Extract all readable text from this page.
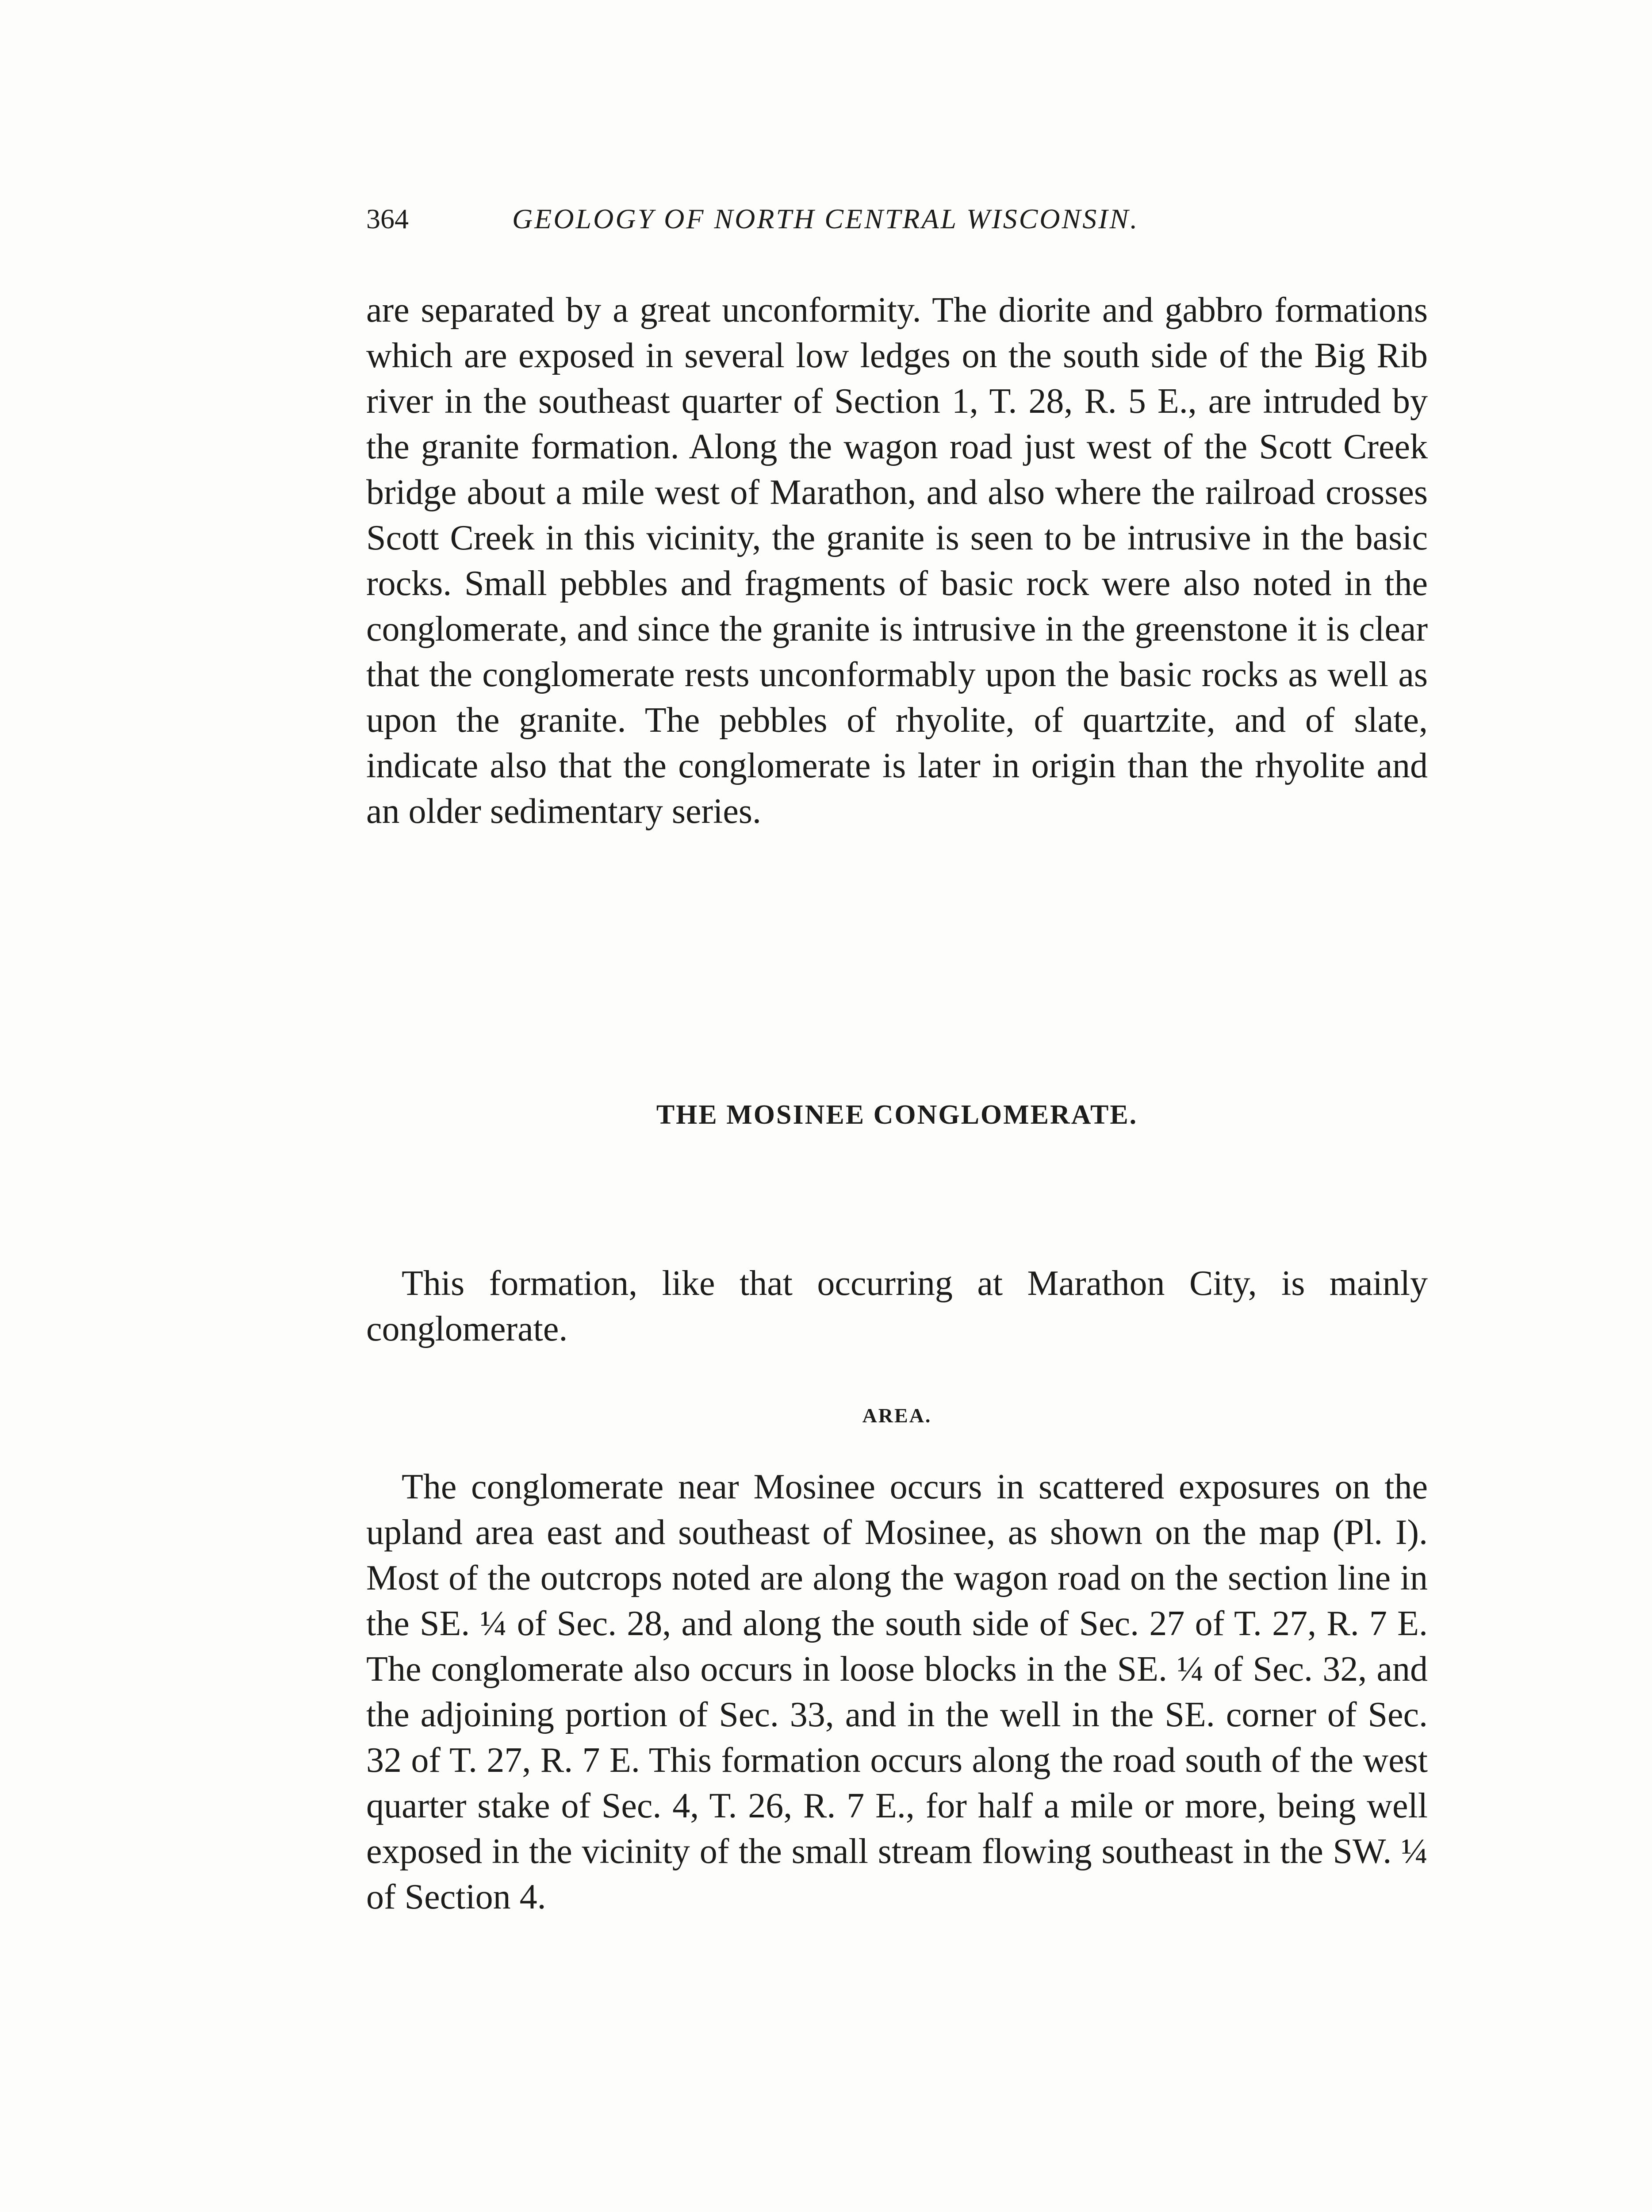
364	GEOLOGY OF NORTH CENTRAL WISCONSIN.

are separated by a great unconformity. The diorite and gabbro formations which are exposed in several low ledges on the south side of the Big Rib river in the southeast quarter of Section 1, T. 28, R. 5 E., are intruded by the granite formation. Along the wagon road just west of the Scott Creek bridge about a mile west of Marathon, and also where the railroad crosses Scott Creek in this vicinity, the granite is seen to be intrusive in the basic rocks. Small pebbles and fragments of basic rock were also noted in the conglomerate, and since the granite is intrusive in the greenstone it is clear that the conglomerate rests unconformably upon the basic rocks as well as upon the granite. The pebbles of rhyolite, of quartzite, and of slate, indicate also that the conglomerate is later in origin than the rhyolite and an older sedimentary series.

THE MOSINEE CONGLOMERATE.

This formation, like that occurring at Marathon City, is mainly conglomerate.

AREA.

The conglomerate near Mosinee occurs in scattered exposures on the upland area east and southeast of Mosinee, as shown on the map (Pl. I). Most of the outcrops noted are along the wagon road on the section line in the SE. ¼ of Sec. 28, and along the south side of Sec. 27 of T. 27, R. 7 E. The conglomerate also occurs in loose blocks in the SE. ¼ of Sec. 32, and the adjoining portion of Sec. 33, and in the well in the SE. corner of Sec. 32 of T. 27, R. 7 E. This formation occurs along the road south of the west quarter stake of Sec. 4, T. 26, R. 7 E., for half a mile or more, being well exposed in the vicinity of the small stream flowing southeast in the SW. ¼ of Section 4.
